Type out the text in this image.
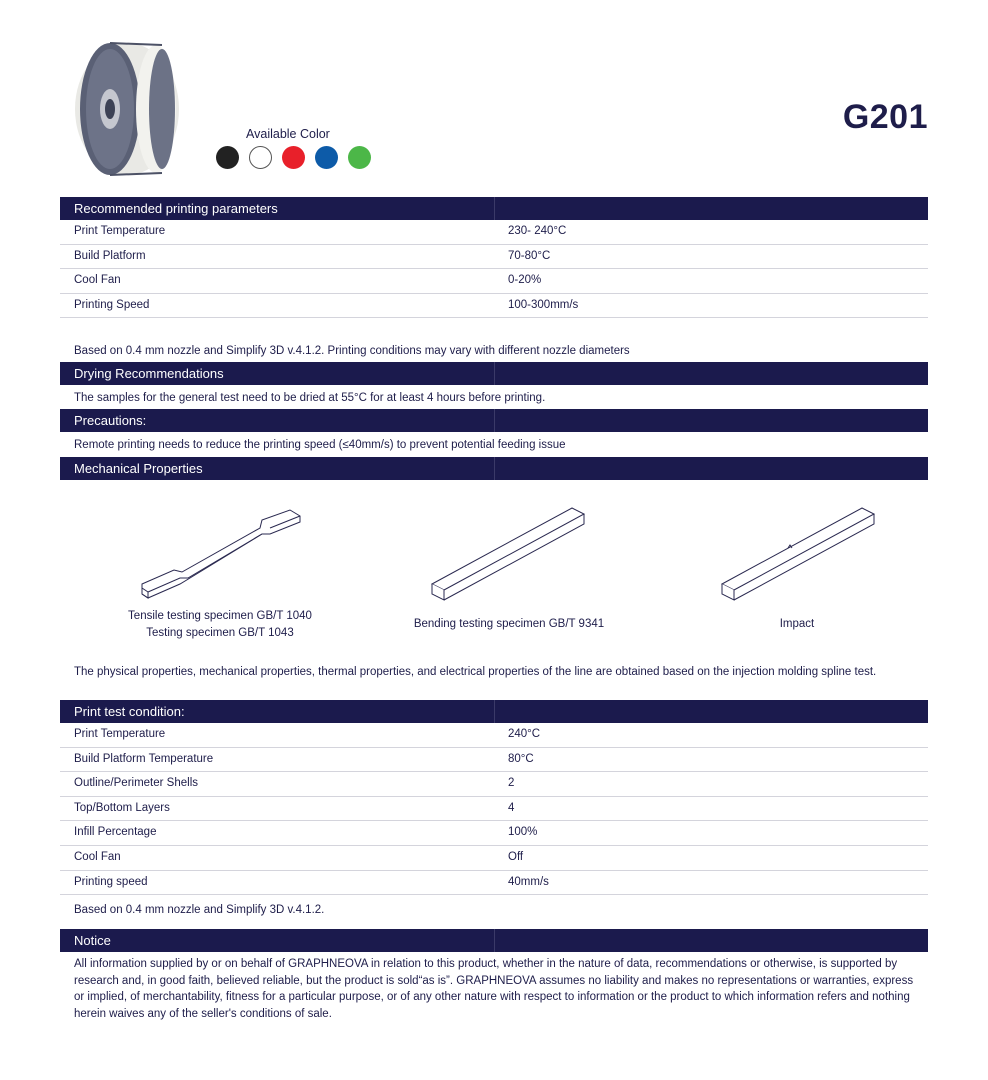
Available Color	G201
Recommended printing parameters
Print Temperature	230- 240°C
Build Platform	70-80°C
Cool Fan	0-20%
Printing Speed	100-300mm/s
Based on 0.4 mm nozzle and Simplify 3D v.4.1.2. Printing conditions may vary with different nozzle diameters
Drying Recommendations
The samples for the general test need to be dried at 55°C for at least 4 hours before printing.
Precautions:
Remote printing needs to reduce the printing speed (≤40mm/s) to prevent potential feeding issue
Mechanical Properties
Tensile testing specimen GB/T 1040
Testing specimen GB/T 1043
Bending testing specimen GB/T 9341	Impact
The physical properties, mechanical properties, thermal properties, and electrical properties of the line are obtained based on the injection molding spline test.
Print test condition:
Print Temperature	240°C
Build Platform Temperature	80°C
Outline/Perimeter Shells	2
Top/Bottom Layers	4
Infill Percentage	100%
Cool Fan	Off
Printing speed	40mm/s
Based on 0.4 mm nozzle and Simplify 3D v.4.1.2.
Notice
All information supplied by or on behalf of GRAPHNEOVA in relation to this product, whether in the nature of data, recommendations or otherwise, is supported by research and, in good faith, believed reliable, but the product is sold“as is”. GRAPHNEOVA assumes no liability and makes no representations or warranties, express or implied, of merchantability, fitness for a particular purpose, or of any other nature with respect to information or the product to which information refers and nothing herein waives any of the seller's conditions of sale.
